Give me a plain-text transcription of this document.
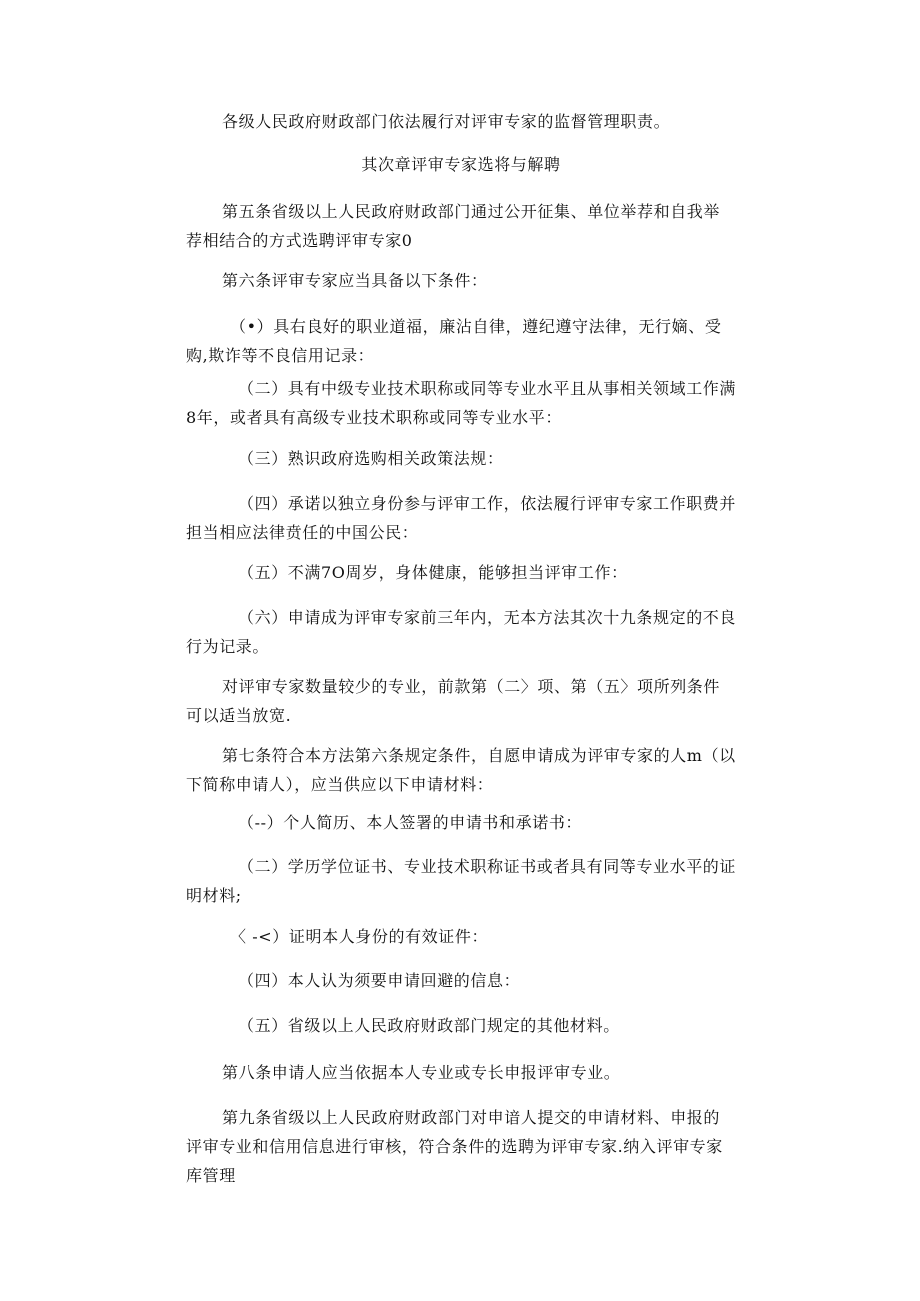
各级人民政府财政部门依法履行对评审专家的监督管理职责。
其次章评审专家选将与解聘
第五条省级以上人民政府财政部门通过公开征集、单位举荐和自我举荐相结合的方式选聘评审专家0
第六条评审专家应当具备以下条件：
（•）具右良好的职业道福，廉沾自律，遵纪遵守法律，无行嫡、受购,欺诈等不良信用记录：
（二）具有中级专业技术职称或同等专业水平且从事相关领域工作满8年，或者具有高级专业技术职称或同等专业水平：
（三）熟识政府选购相关政策法规：
（四）承诺以独立身份参与评审工作，依法履行评审专家工作职费并担当相应法律贲任的中国公民：
（五）不满7O周岁，身体健康，能够担当评审工作：
（六）申请成为评审专家前三年内，无本方法其次十九条规定的不良行为记录。
对评审专家数量较少的专业，前款第（二〉项、第（五〉项所列条件可以适当放宽.
第七条符合本方法第六条规定条件，自愿申请成为评审专家的人m（以下简称申请人），应当供应以下申请材料：
（--）个人简历、本人签署的申请书和承诺书：
（二）学历学位证书、专业技术职称证书或者具有同等专业水平的证明材料;
〈 -<）证明本人身份的有效证件：
（四）本人认为须要申请回避的信息：
（五）省级以上人民政府财政部门规定的其他材料。
第八条申请人应当依据本人专业或专长申报评审专业。
第九条省级以上人民政府财政部门对申谙人提交的申请材料、申报的评审专业和信用信息进行审核，符合条件的选聘为评审专家.纳入评审专家库管理
